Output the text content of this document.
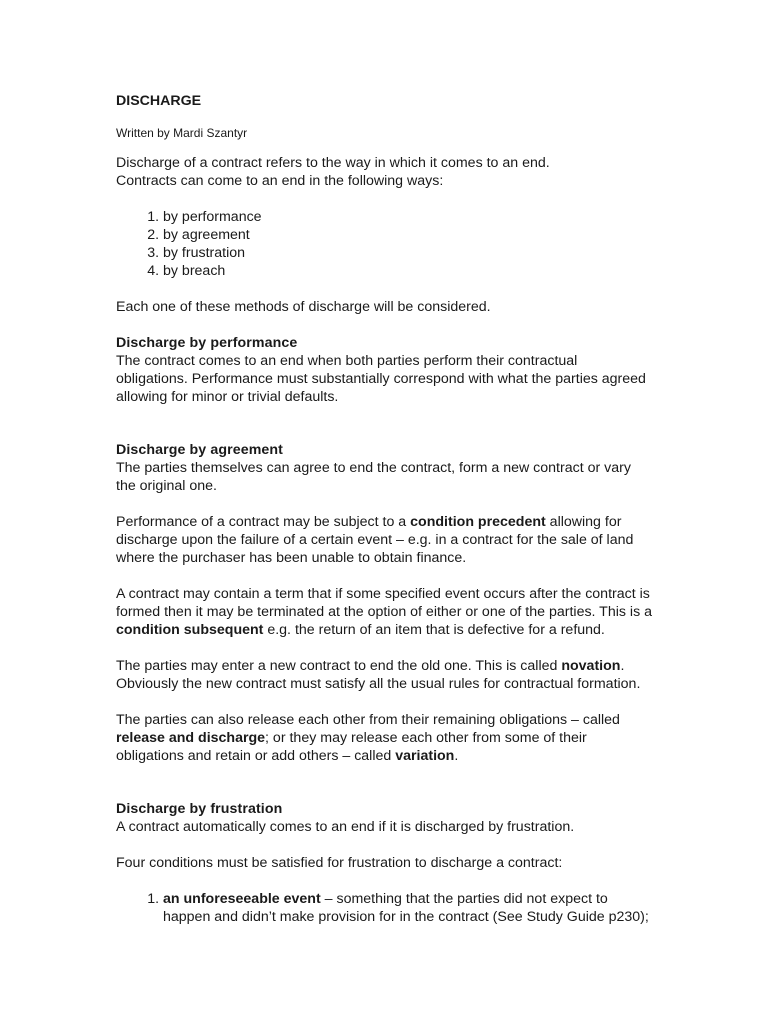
DISCHARGE
Written by Mardi Szantyr

Discharge of a contract refers to the way in which it comes to an end.
Contracts can come to an end in the following ways:

1. by performance
2. by agreement
3. by frustration
4. by breach

Each one of these methods of discharge will be considered.

Discharge by performance
The contract comes to an end when both parties perform their contractual obligations. Performance must substantially correspond with what the parties agreed allowing for minor or trivial defaults.

Discharge by agreement
The parties themselves can agree to end the contract, form a new contract or vary the original one.

Performance of a contract may be subject to a condition precedent allowing for discharge upon the failure of a certain event – e.g. in a contract for the sale of land where the purchaser has been unable to obtain finance.

A contract may contain a term that if some specified event occurs after the contract is formed then it may be terminated at the option of either or one of the parties. This is a condition subsequent e.g. the return of an item that is defective for a refund.

The parties may enter a new contract to end the old one. This is called novation. Obviously the new contract must satisfy all the usual rules for contractual formation.

The parties can also release each other from their remaining obligations – called release and discharge; or they may release each other from some of their obligations and retain or add others – called variation.

Discharge by frustration
A contract automatically comes to an end if it is discharged by frustration.

Four conditions must be satisfied for frustration to discharge a contract:

1. an unforeseeable event – something that the parties did not expect to happen and didn’t make provision for in the contract (See Study Guide p230);
